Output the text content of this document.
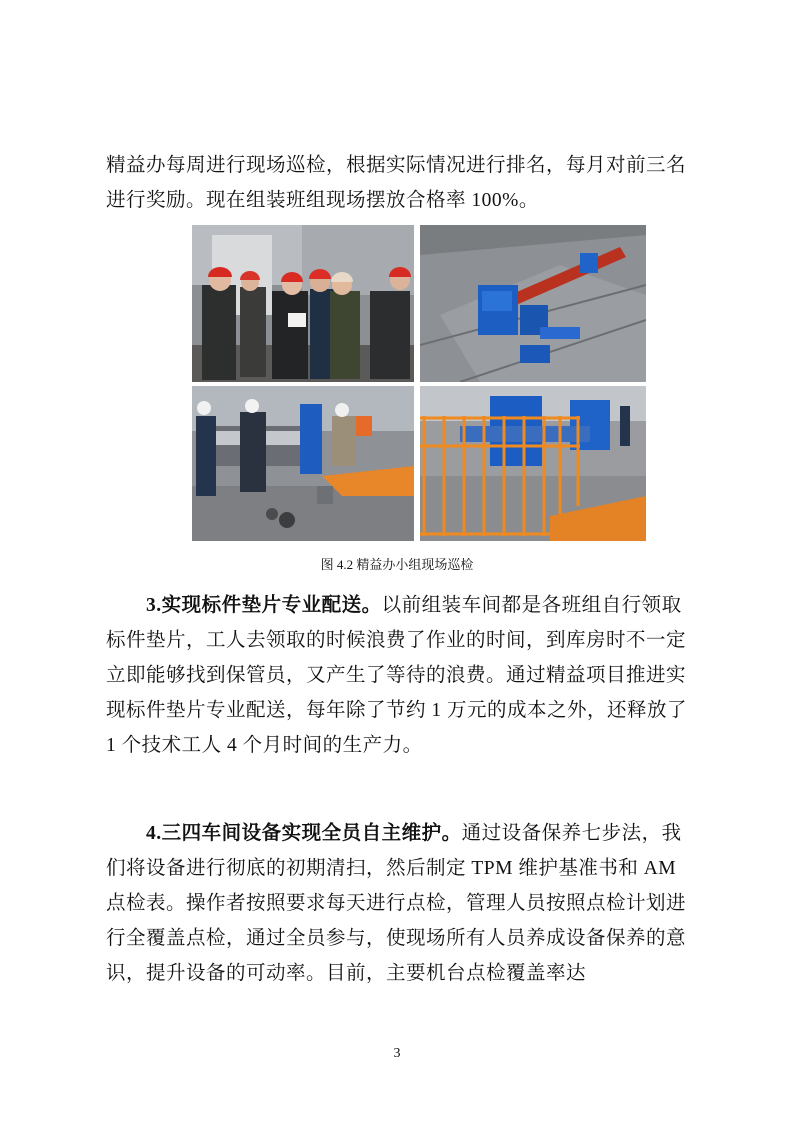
精益办每周进行现场巡检，根据实际情况进行排名，每月对前三名进行奖励。现在组装班组现场摆放合格率 100%。

图 4.2 精益办小组现场巡检

3.实现标件垫片专业配送。以前组装车间都是各班组自行领取标件垫片，工人去领取的时候浪费了作业的时间，到库房时不一定立即能够找到保管员，又产生了等待的浪费。通过精益项目推进实现标件垫片专业配送，每年除了节约 1 万元的成本之外，还释放了 1 个技术工人 4 个月时间的生产力。

4.三四车间设备实现全员自主维护。通过设备保养七步法，我们将设备进行彻底的初期清扫，然后制定 TPM 维护基准书和 AM 点检表。操作者按照要求每天进行点检，管理人员按照点检计划进行全覆盖点检，通过全员参与，使现场所有人员养成设备保养的意识，提升设备的可动率。目前，主要机台点检覆盖率达

3
